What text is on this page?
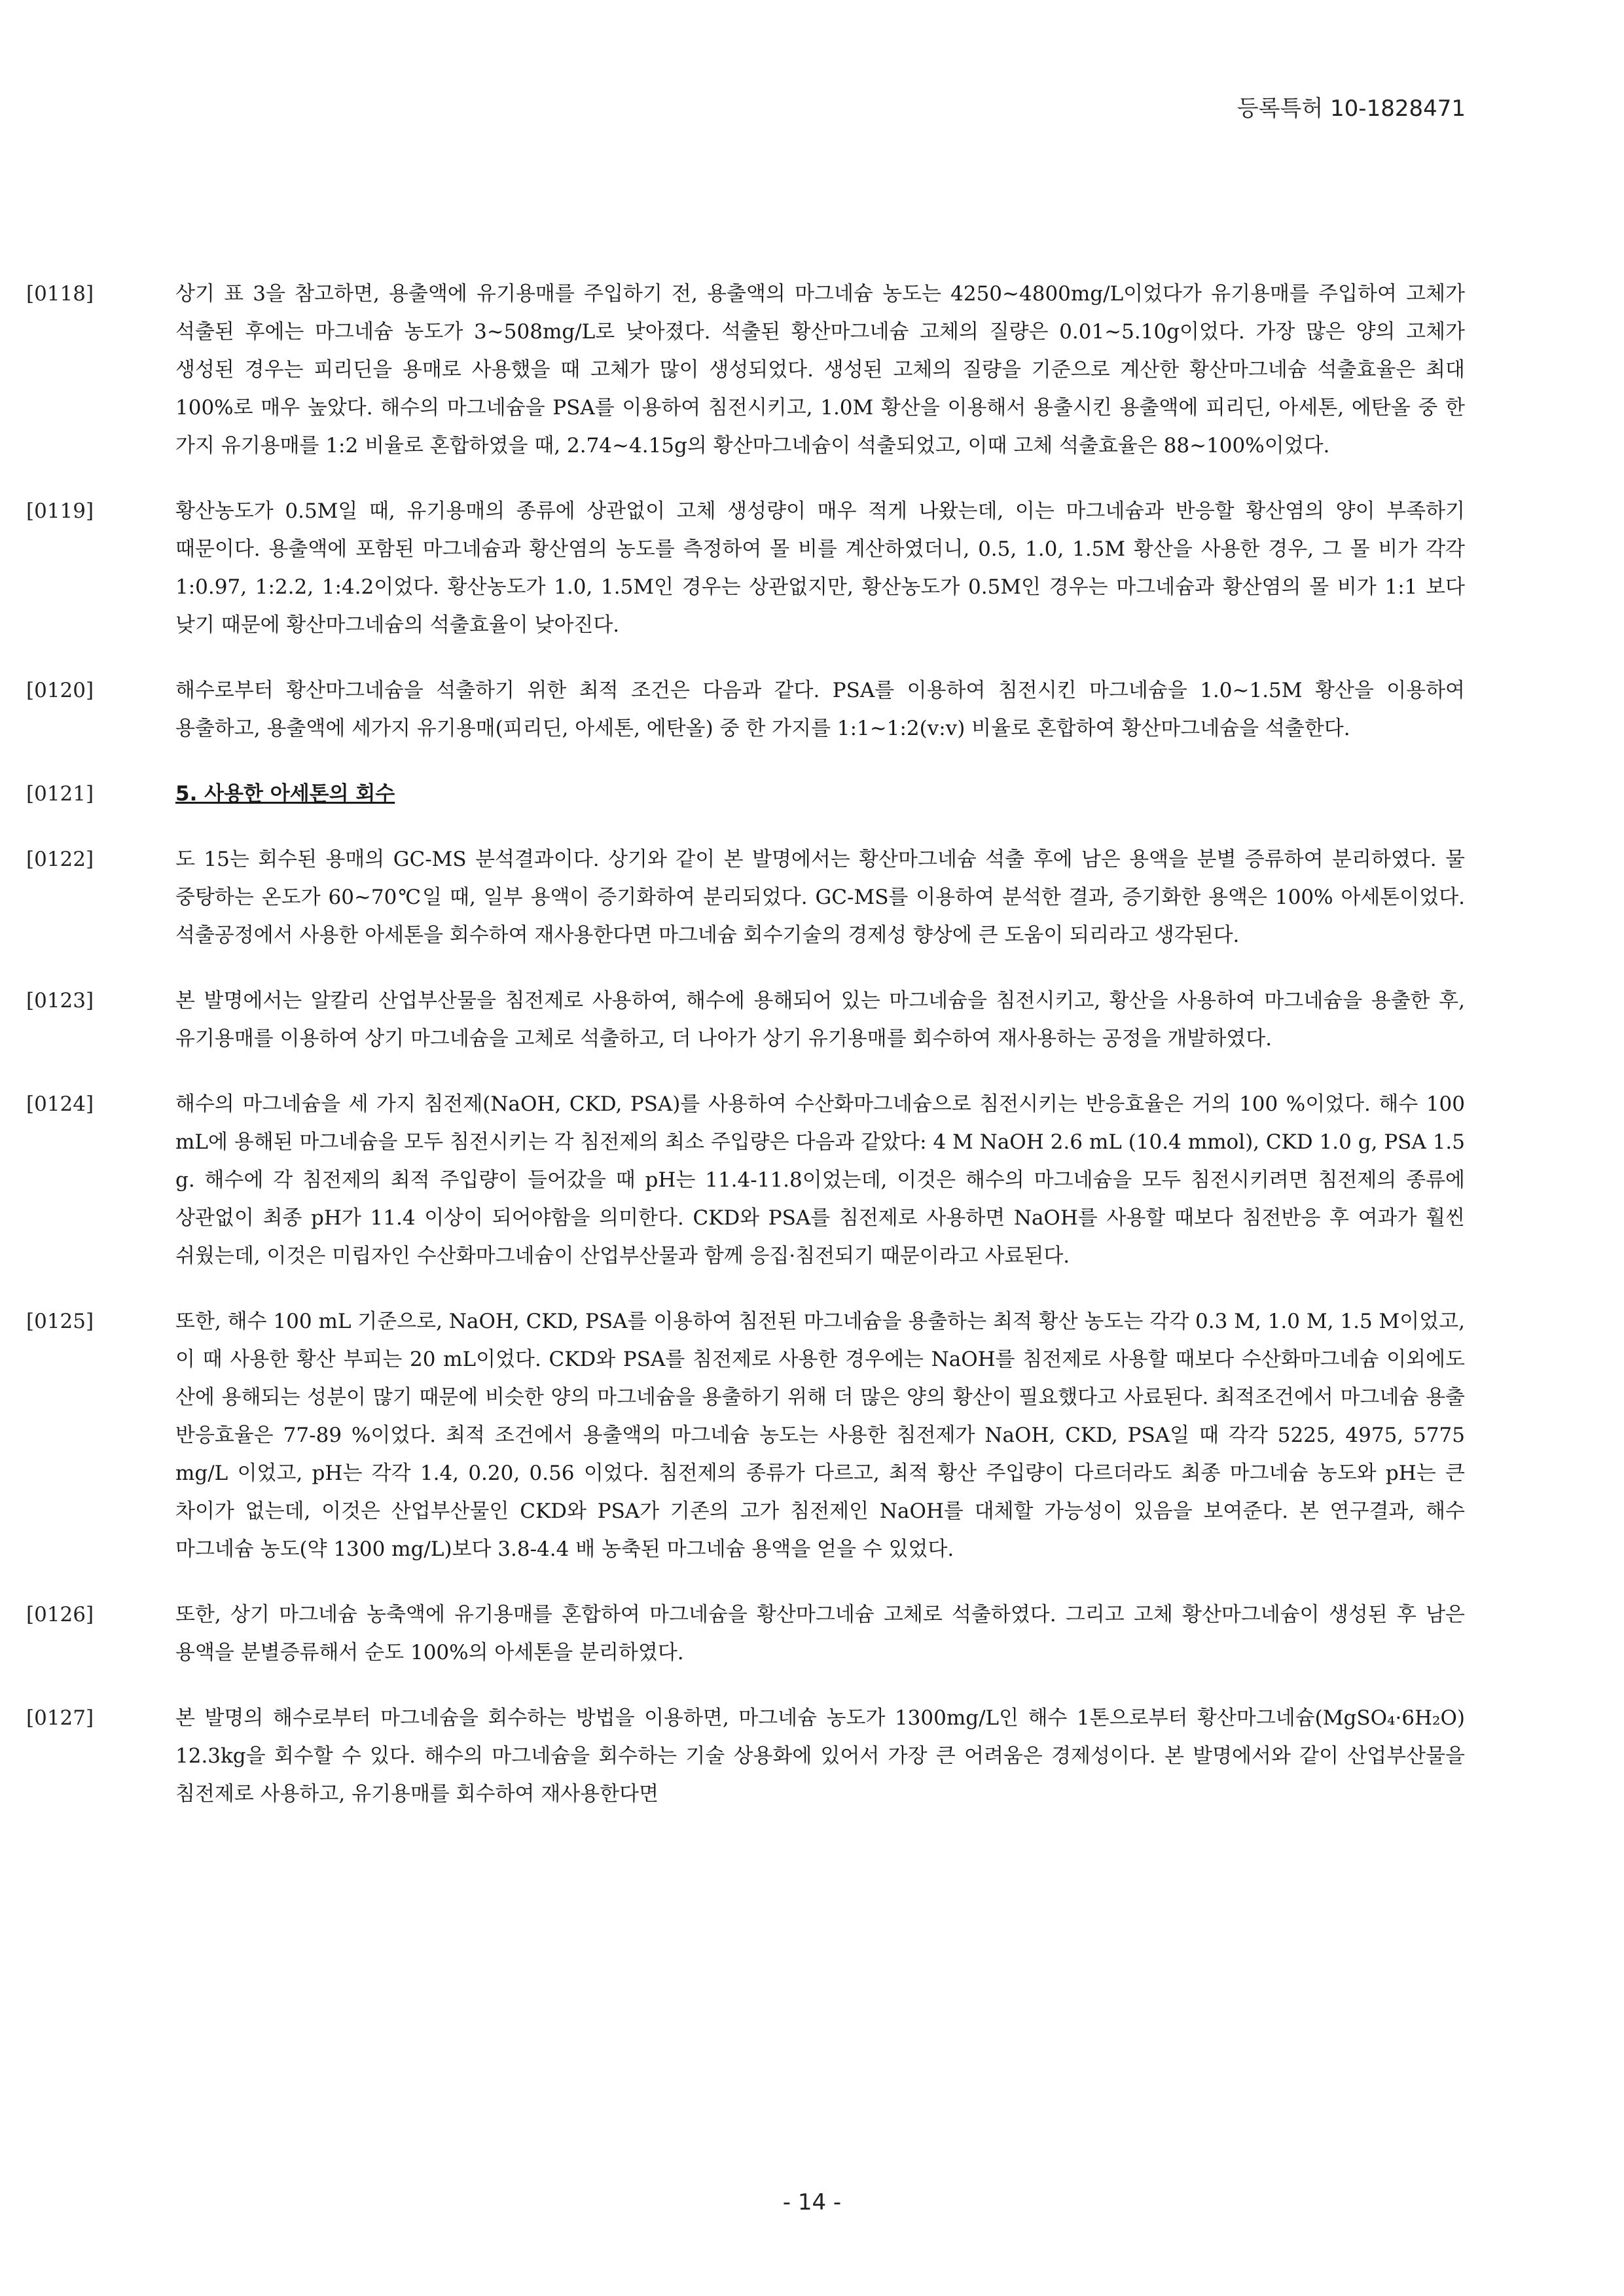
등록특허 10-1828471
[0118]	상기 표 3을 참고하면, 용출액에 유기용매를 주입하기 전, 용출액의 마그네슘 농도는 4250~4800mg/L이었다가 유기용매를 주입하여 고체가 석출된 후에는 마그네슘 농도가 3~508mg/L로 낮아졌다. 석출된 황산마그네슘 고체의 질량은 0.01~5.10g이었다. 가장 많은 양의 고체가 생성된 경우는 피리딘을 용매로 사용했을 때 고체가 많이 생성되었다. 생성된 고체의 질량을 기준으로 계산한 황산마그네슘 석출효율은 최대 100%로 매우 높았다. 해수의 마그네슘을 PSA를 이용하여 침전시키고, 1.0M 황산을 이용해서 용출시킨 용출액에 피리딘, 아세톤, 에탄올 중 한 가지 유기용매를 1:2 비율로 혼합하였을 때, 2.74~4.15g의 황산마그네슘이 석출되었고, 이때 고체 석출효율은 88~100%이었다.
[0119]	황산농도가 0.5M일 때, 유기용매의 종류에 상관없이 고체 생성량이 매우 적게 나왔는데, 이는 마그네슘과 반응할 황산염의 양이 부족하기 때문이다. 용출액에 포함된 마그네슘과 황산염의 농도를 측정하여 몰 비를 계산하였더니, 0.5, 1.0, 1.5M 황산을 사용한 경우, 그 몰 비가 각각 1:0.97, 1:2.2, 1:4.2이었다. 황산농도가 1.0, 1.5M인 경우는 상관없지만, 황산농도가 0.5M인 경우는 마그네슘과 황산염의 몰 비가 1:1 보다 낮기 때문에 황산마그네슘의 석출효율이 낮아진다.
[0120]	해수로부터 황산마그네슘을 석출하기 위한 최적 조건은 다음과 같다. PSA를 이용하여 침전시킨 마그네슘을 1.0~1.5M 황산을 이용하여 용출하고, 용출액에 세가지 유기용매(피리딘, 아세톤, 에탄올) 중 한 가지를 1:1~1:2(v:v) 비율로 혼합하여 황산마그네슘을 석출한다.
[0121]	5. 사용한 아세톤의 회수
[0122]	도 15는 회수된 용매의 GC-MS 분석결과이다. 상기와 같이 본 발명에서는 황산마그네슘 석출 후에 남은 용액을 분별 증류하여 분리하였다. 물 중탕하는 온도가 60~70℃일 때, 일부 용액이 증기화하여 분리되었다. GC-MS를 이용하여 분석한 결과, 증기화한 용액은 100% 아세톤이었다. 석출공정에서 사용한 아세톤을 회수하여 재사용한다면 마그네슘 회수기술의 경제성 향상에 큰 도움이 되리라고 생각된다.
[0123]	본 발명에서는 알칼리 산업부산물을 침전제로 사용하여, 해수에 용해되어 있는 마그네슘을 침전시키고, 황산을 사용하여 마그네슘을 용출한 후, 유기용매를 이용하여 상기 마그네슘을 고체로 석출하고, 더 나아가 상기 유기용매를 회수하여 재사용하는 공정을 개발하였다.
[0124]	해수의 마그네슘을 세 가지 침전제(NaOH, CKD, PSA)를 사용하여 수산화마그네슘으로 침전시키는 반응효율은 거의 100 %이었다. 해수 100 mL에 용해된 마그네슘을 모두 침전시키는 각 침전제의 최소 주입량은 다음과 같았다: 4 M NaOH 2.6 mL (10.4 mmol), CKD 1.0 g, PSA 1.5 g. 해수에 각 침전제의 최적 주입량이 들어갔을 때 pH는 11.4-11.8이었는데, 이것은 해수의 마그네슘을 모두 침전시키려면 침전제의 종류에 상관없이 최종 pH가 11.4 이상이 되어야함을 의미한다. CKD와 PSA를 침전제로 사용하면 NaOH를 사용할 때보다 침전반응 후 여과가 훨씬 쉬웠는데, 이것은 미립자인 수산화마그네슘이 산업부산물과 함께 응집·침전되기 때문이라고 사료된다.
[0125]	또한, 해수 100 mL 기준으로, NaOH, CKD, PSA를 이용하여 침전된 마그네슘을 용출하는 최적 황산 농도는 각각 0.3 M, 1.0 M, 1.5 M이었고, 이 때 사용한 황산 부피는 20 mL이었다. CKD와 PSA를 침전제로 사용한 경우에는 NaOH를 침전제로 사용할 때보다 수산화마그네슘 이외에도 산에 용해되는 성분이 많기 때문에 비슷한 양의 마그네슘을 용출하기 위해 더 많은 양의 황산이 필요했다고 사료된다. 최적조건에서 마그네슘 용출 반응효율은 77-89 %이었다. 최적 조건에서 용출액의 마그네슘 농도는 사용한 침전제가 NaOH, CKD, PSA일 때 각각 5225, 4975, 5775 mg/L 이었고, pH는 각각 1.4, 0.20, 0.56 이었다. 침전제의 종류가 다르고, 최적 황산 주입량이 다르더라도 최종 마그네슘 농도와 pH는 큰 차이가 없는데, 이것은 산업부산물인 CKD와 PSA가 기존의 고가 침전제인 NaOH를 대체할 가능성이 있음을 보여준다. 본 연구결과, 해수 마그네슘 농도(약 1300 mg/L)보다 3.8-4.4 배 농축된 마그네슘 용액을 얻을 수 있었다.
[0126]	또한, 상기 마그네슘 농축액에 유기용매를 혼합하여 마그네슘을 황산마그네슘 고체로 석출하였다. 그리고 고체 황산마그네슘이 생성된 후 남은 용액을 분별증류해서 순도 100%의 아세톤을 분리하였다.
[0127]	본 발명의 해수로부터 마그네슘을 회수하는 방법을 이용하면, 마그네슘 농도가 1300mg/L인 해수 1톤으로부터 황산마그네슘(MgSO₄·6H₂O) 12.3kg을 회수할 수 있다. 해수의 마그네슘을 회수하는 기술 상용화에 있어서 가장 큰 어려움은 경제성이다. 본 발명에서와 같이 산업부산물을 침전제로 사용하고, 유기용매를 회수하여 재사용한다면
- 14 -
